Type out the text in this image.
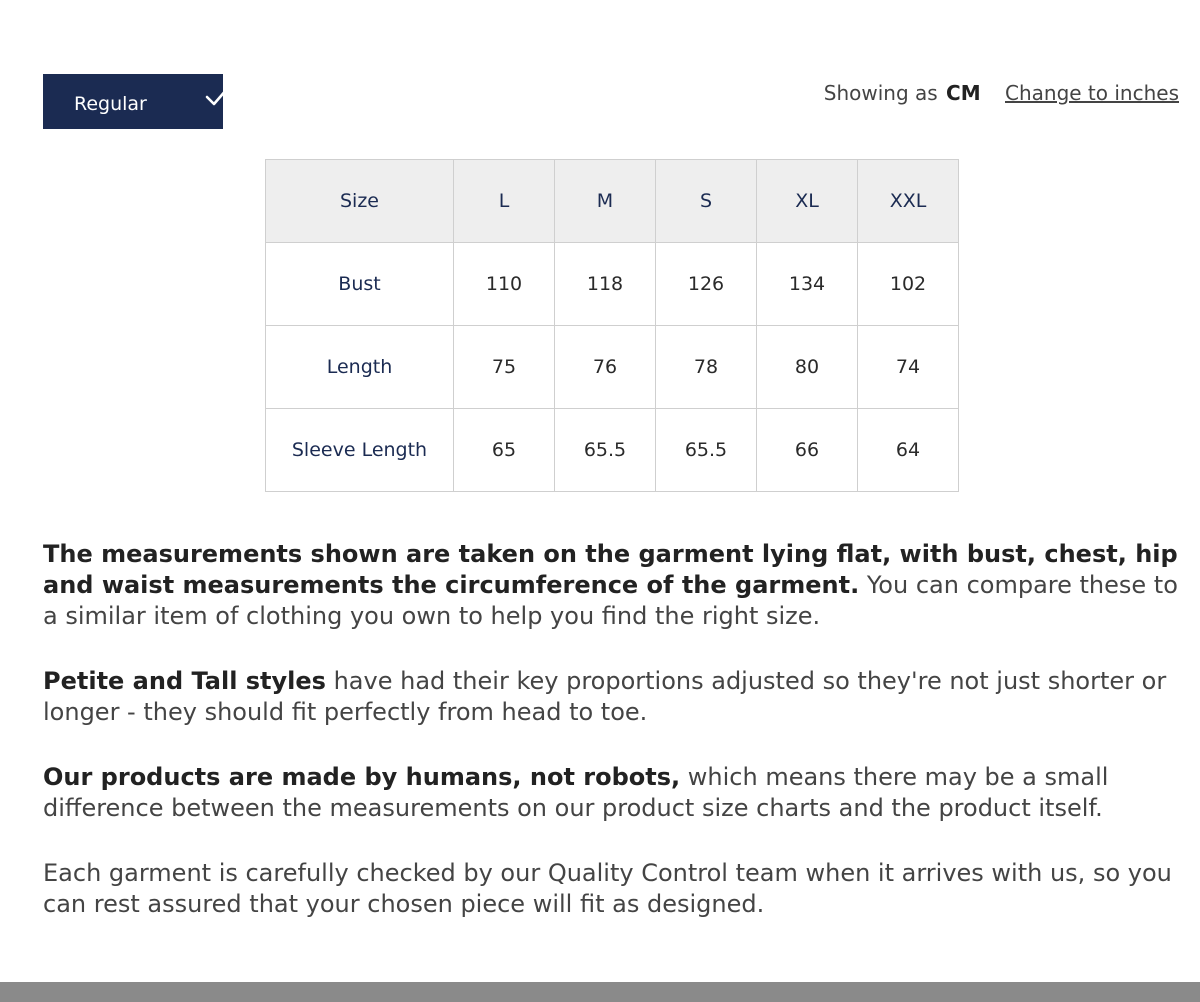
Regular	Showing as CM Change to inches
Size	L	M	S	XL	XXL
Bust	110	118	126	134	102
Length	75	76	78	80	74
Sleeve Length	65	65.5	65.5	66	64

The measurements shown are taken on the garment lying flat, with bust, chest, hip and waist measurements the circumference of the garment. You can compare these to a similar item of clothing you own to help you find the right size.

Petite and Tall styles have had their key proportions adjusted so they're not just shorter or longer - they should fit perfectly from head to toe.

Our products are made by humans, not robots, which means there may be a small difference between the measurements on our product size charts and the product itself.

Each garment is carefully checked by our Quality Control team when it arrives with us, so you can rest assured that your chosen piece will fit as designed.
